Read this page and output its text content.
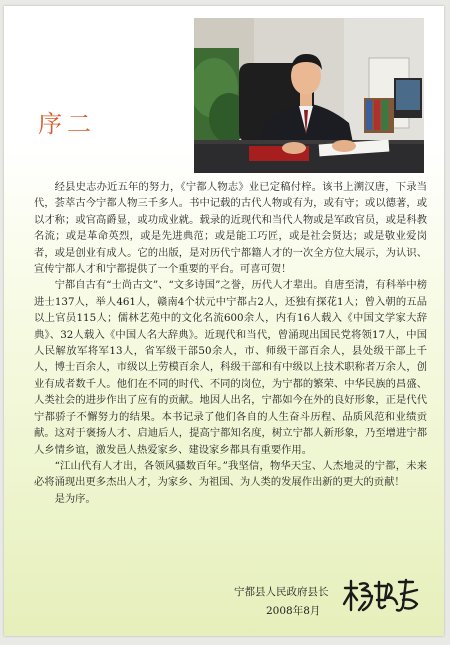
序二

经县史志办近五年的努力，《宁都人物志》业已定稿付梓。该书上溯汉唐，下录当代，荟萃古今宁都人物三千多人。书中记载的古代人物或有为，或有守；或以德著，或以才称；或官高爵显，或功成业就。载录的近现代和当代人物或是军政官员，或是科教名流；或是革命英烈，或是先进典范；或是能工巧匠，或是社会贤达；或是敬业爱岗者，或是创业有成人。它的出版，是对历代宁都籍人才的一次全方位大展示，为认识、宣传宁都人才和宁都提供了一个重要的平台。可喜可贺！

宁都自古有“士尚古文”、“文多诗国”之誉，历代人才辈出。自唐至清，有科举中榜进士137人，举人461人，赣南4个状元中宁都占2人，还独有探花1人；曾入朝的五品以上官员115人；儒林艺苑中的文化名流600余人，内有16人载入《中国文学家大辞典》、32人载入《中国人名大辞典》。近现代和当代，曾涌现出国民党将领17人，中国人民解放军将军13人，省军级干部50余人，市、师级干部百余人，县处级干部上千人，博士百余人，市级以上劳模百余人，科级干部和有中级以上技术职称者万余人，创业有成者数千人。他们在不同的时代、不同的岗位，为宁都的繁荣、中华民族的昌盛、人类社会的进步作出了应有的贡献。地因人出名，宁都如今在外的良好形象，正是代代宁都骄子不懈努力的结果。本书记录了他们各自的人生奋斗历程、品质风范和业绩贡献。这对于褒扬人才、启迪后人，提高宁都知名度，树立宁都人新形象，乃至增进宁都人乡情乡谊，激发邑人热爱家乡、建设家乡都具有重要作用。

“江山代有人才出，各领风骚数百年。”我坚信，物华天宝、人杰地灵的宁都，未来必将涌现出更多杰出人才，为家乡、为祖国、为人类的发展作出新的更大的贡献！

是为序。

宁都县人民政府县长
2008年8月
